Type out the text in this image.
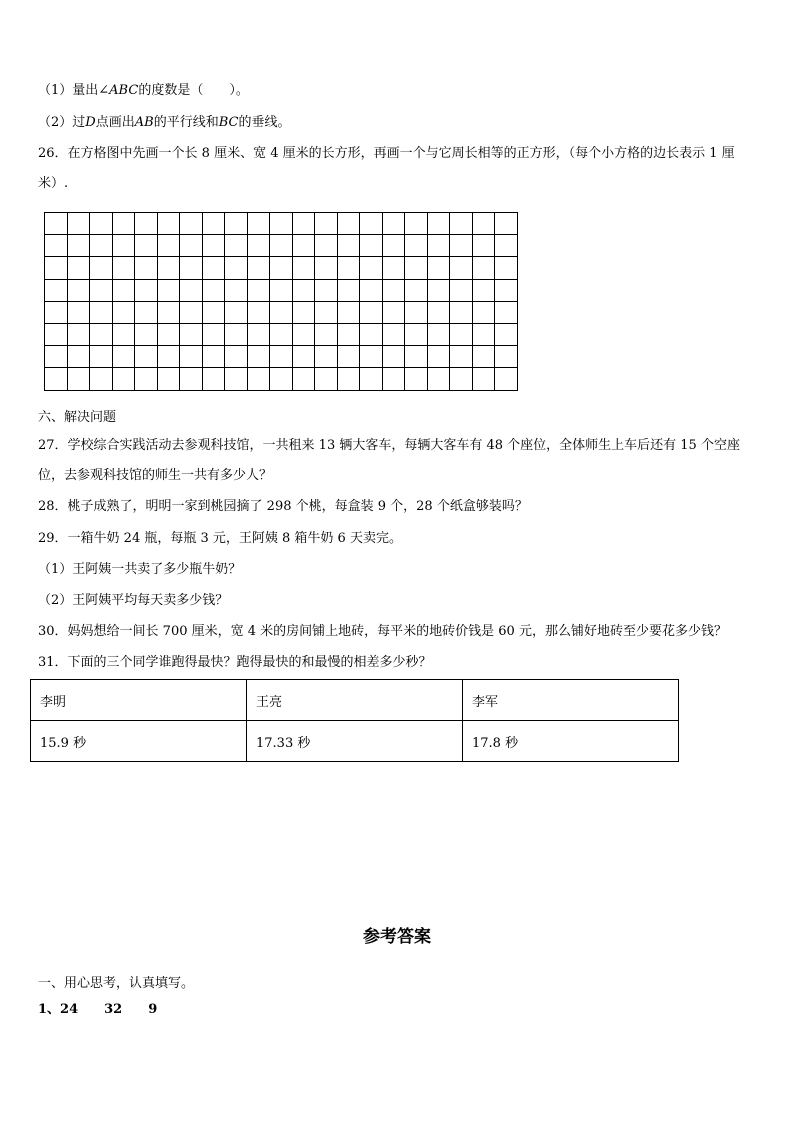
（1）量出∠ABC的度数是（　　）。
（2）过D点画出AB的平行线和BC的垂线。
26．在方格图中先画一个长 8 厘米、宽 4 厘米的长方形，再画一个与它周长相等的正方形，（每个小方格的边长表示 1 厘米）.

六、解决问题
27．学校综合实践活动去参观科技馆，一共租来 13 辆大客车，每辆大客车有 48 个座位，全体师生上车后还有 15 个空座位，去参观科技馆的师生一共有多少人？
28．桃子成熟了，明明一家到桃园摘了 298 个桃，每盒装 9 个，28 个纸盒够装吗？
29．一箱牛奶 24 瓶，每瓶 3 元，王阿姨 8 箱牛奶 6 天卖完。
（1）王阿姨一共卖了多少瓶牛奶？
（2）王阿姨平均每天卖多少钱？
30．妈妈想给一间长 700 厘米，宽 4 米的房间铺上地砖，每平米的地砖价钱是 60 元，那么铺好地砖至少要花多少钱？
31．下面的三个同学谁跑得最快？跑得最快的和最慢的相差多少秒？
李明	王亮	李军
15.9 秒	17.33 秒	17.8 秒
参考答案
一、用心思考，认真填写。
1、24 32 9
